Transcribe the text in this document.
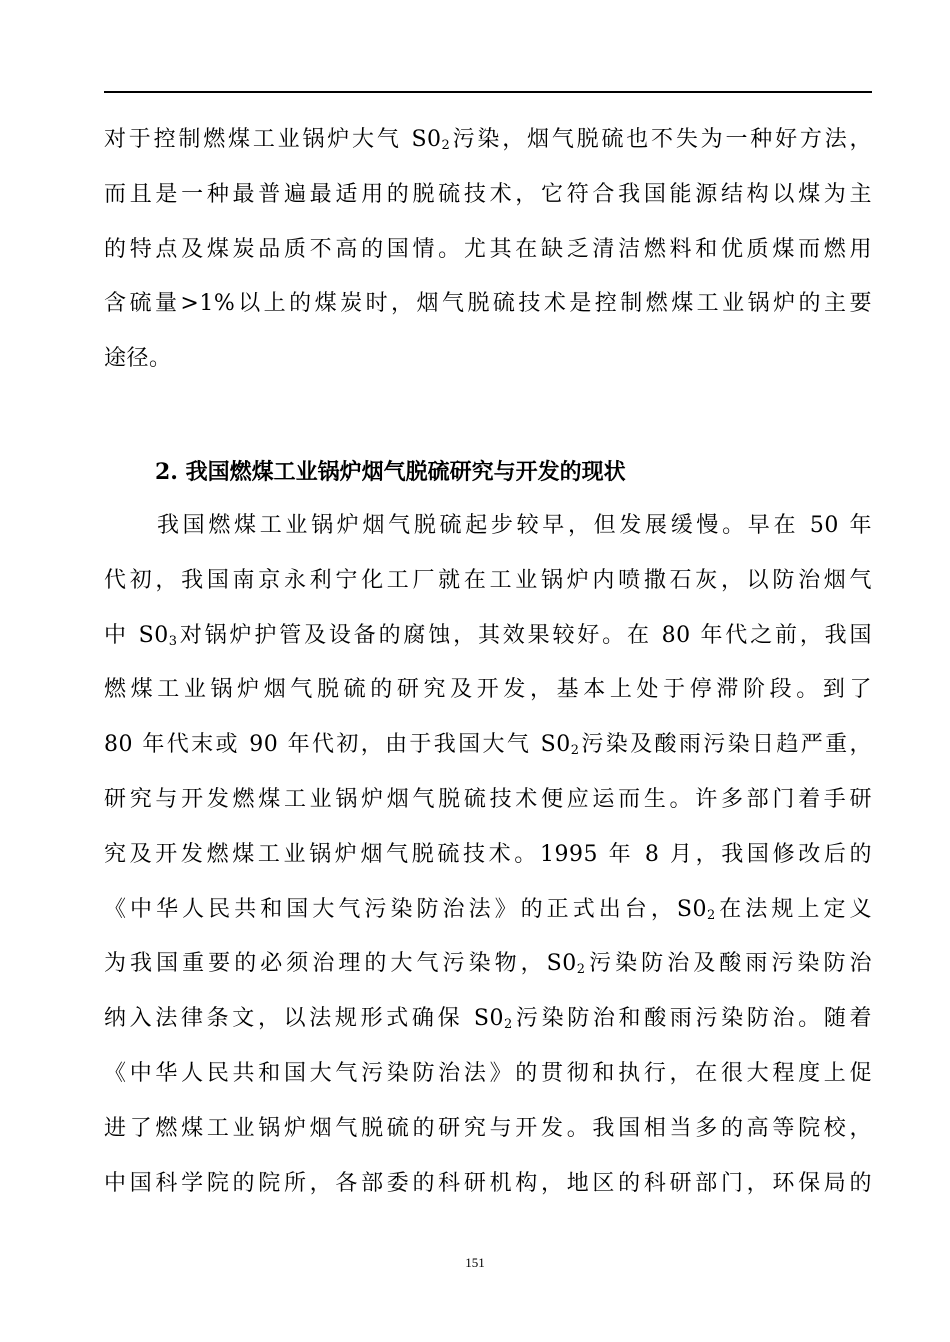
对于控制燃煤工业锅炉大气 $S0_2$污染，烟气脱硫也不失为一种好方法，
而且是一种最普遍最适用的脱硫技术，它符合我国能源结构以煤为主
的特点及煤炭品质不高的国情。尤其在缺乏清洁燃料和优质煤而燃用
含硫量>1%以上的煤炭时，烟气脱硫技术是控制燃煤工业锅炉的主要
途径。
2. 我国燃煤工业锅炉烟气脱硫研究与开发的现状
我国燃煤工业锅炉烟气脱硫起步较早，但发展缓慢。早在 50 年
代初，我国南京永利宁化工厂就在工业锅炉内喷撒石灰，以防治烟气
中 $S0_3$对锅炉护管及设备的腐蚀，其效果较好。在 80 年代之前，我国
燃煤工业锅炉烟气脱硫的研究及开发，基本上处于停滞阶段。到了
80 年代末或 90 年代初，由于我国大气 $S0_2$污染及酸雨污染日趋严重，
研究与开发燃煤工业锅炉烟气脱硫技术便应运而生。许多部门着手研
究及开发燃煤工业锅炉烟气脱硫技术。1995 年 8 月，我国修改后的
《中华人民共和国大气污染防治法》的正式出台，$S0_2$在法规上定义
为我国重要的必须治理的大气污染物，$S0_2$污染防治及酸雨污染防治
纳入法律条文，以法规形式确保 $S0_2$污染防治和酸雨污染防治。随着
《中华人民共和国大气污染防治法》的贯彻和执行，在很大程度上促
进了燃煤工业锅炉烟气脱硫的研究与开发。我国相当多的高等院校，
中国科学院的院所，各部委的科研机构，地区的科研部门，环保局的
151
